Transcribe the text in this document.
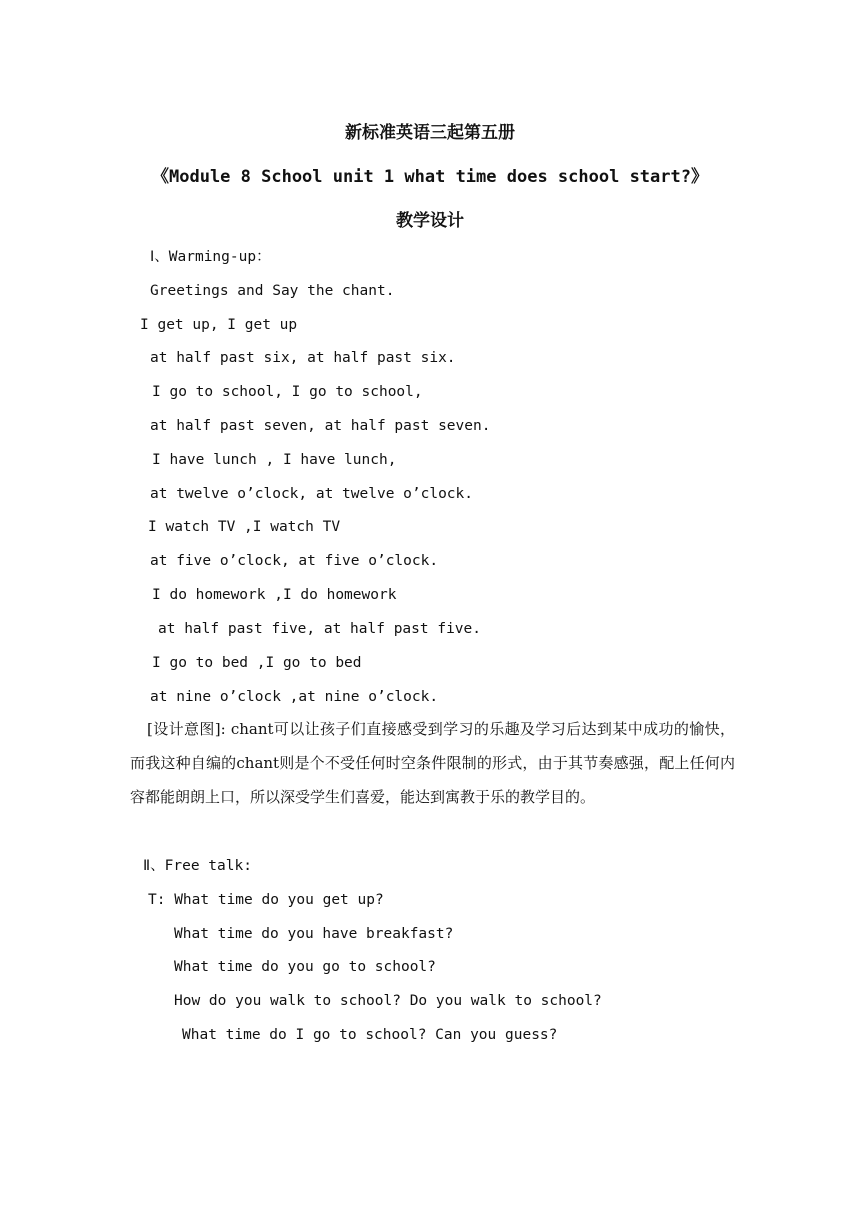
新标准英语三起第五册
《Module 8 School unit 1 what time does school start?》
教学设计
Ⅰ、Warming-up：
Greetings and Say the chant.
I get up, I get up
at half past six, at half past six.
I go to school, I go to school,
at half past seven, at half past seven.
I have lunch , I have lunch,
at twelve o’clock, at twelve o’clock.
I watch TV ,I watch TV
at five o’clock, at five o’clock.
I do homework ,I do homework
at half past five, at half past five.
I go to bed ,I go to bed
at nine o’clock ,at nine o’clock.
[设计意图]: chant可以让孩子们直接感受到学习的乐趣及学习后达到某中成功的愉快，而我这种自编的chant则是个不受任何时空条件限制的形式，由于其节奏感强，配上任何内容都能朗朗上口，所以深受学生们喜爱，能达到寓教于乐的教学目的。
Ⅱ、Free talk:
T: What time do you get up?
What time do you have breakfast?
What time do you go to school?
How do you walk to school? Do you walk to school?
What time do I go to school? Can you guess?
